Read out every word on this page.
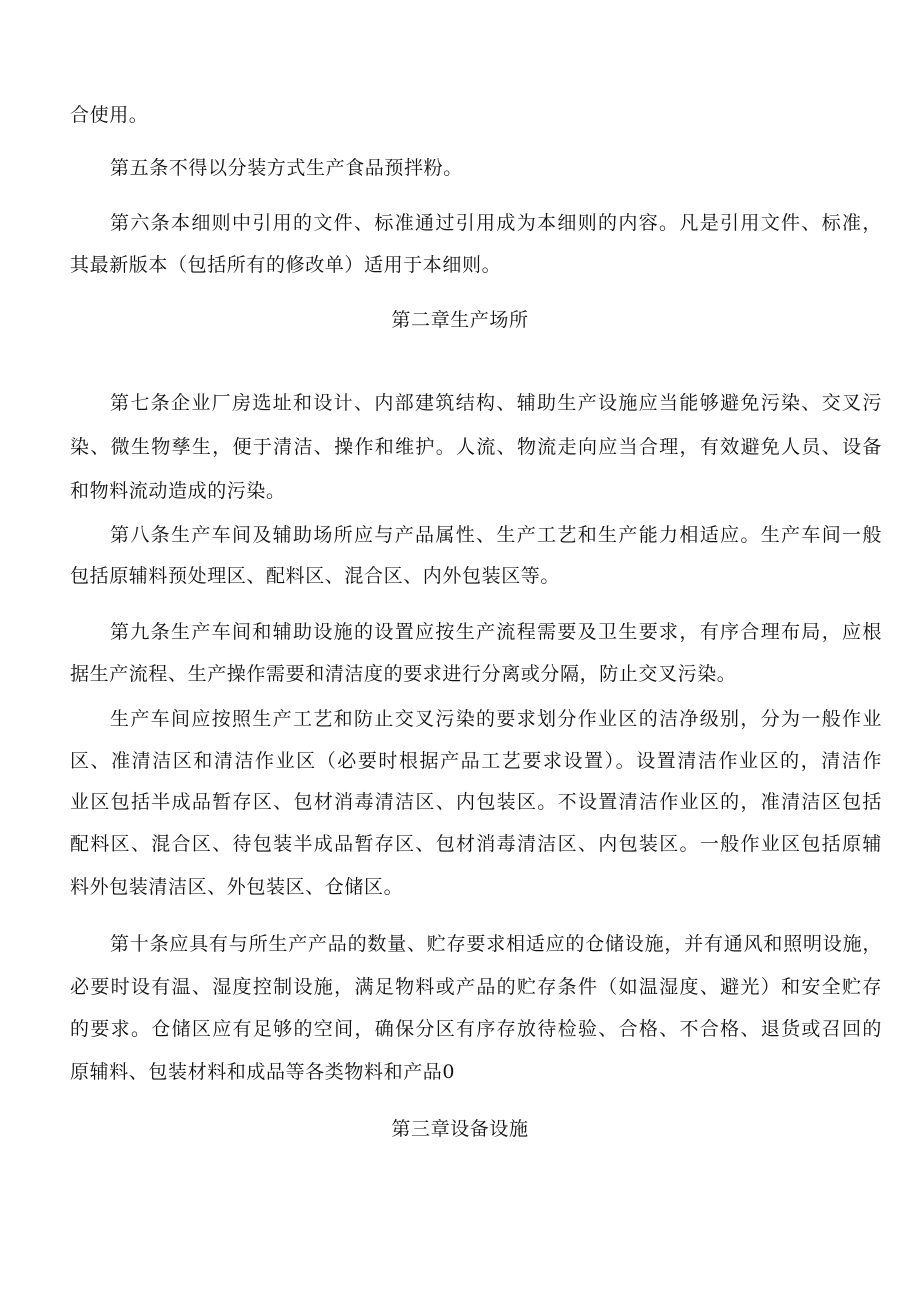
合使用。
第五条不得以分装方式生产食品预拌粉。
第六条本细则中引用的文件、标准通过引用成为本细则的内容。凡是引用文件、标准，
其最新版本（包括所有的修改单）适用于本细则。
第二章生产场所
第七条企业厂房选址和设计、内部建筑结构、辅助生产设施应当能够避免污染、交叉污
染、微生物孳生，便于清洁、操作和维护。人流、物流走向应当合理，有效避免人员、设备
和物料流动造成的污染。
第八条生产车间及辅助场所应与产品属性、生产工艺和生产能力相适应。生产车间一般
包括原辅料预处理区、配料区、混合区、内外包装区等。
第九条生产车间和辅助设施的设置应按生产流程需要及卫生要求，有序合理布局，应根
据生产流程、生产操作需要和清洁度的要求进行分离或分隔，防止交叉污染。
生产车间应按照生产工艺和防止交叉污染的要求划分作业区的洁净级别，分为一般作业
区、准清洁区和清洁作业区（必要时根据产品工艺要求设置）。设置清洁作业区的，清洁作
业区包括半成品暂存区、包材消毒清洁区、内包装区。不设置清洁作业区的，准清洁区包括
配料区、混合区、待包装半成品暂存区、包材消毒清洁区、内包装区。一般作业区包括原辅
料外包装清洁区、外包装区、仓储区。
第十条应具有与所生产产品的数量、贮存要求相适应的仓储设施，并有通风和照明设施，
必要时设有温、湿度控制设施，满足物料或产品的贮存条件（如温湿度、避光）和安全贮存
的要求。仓储区应有足够的空间，确保分区有序存放待检验、合格、不合格、退货或召回的
原辅料、包装材料和成品等各类物料和产品0
第三章设备设施
